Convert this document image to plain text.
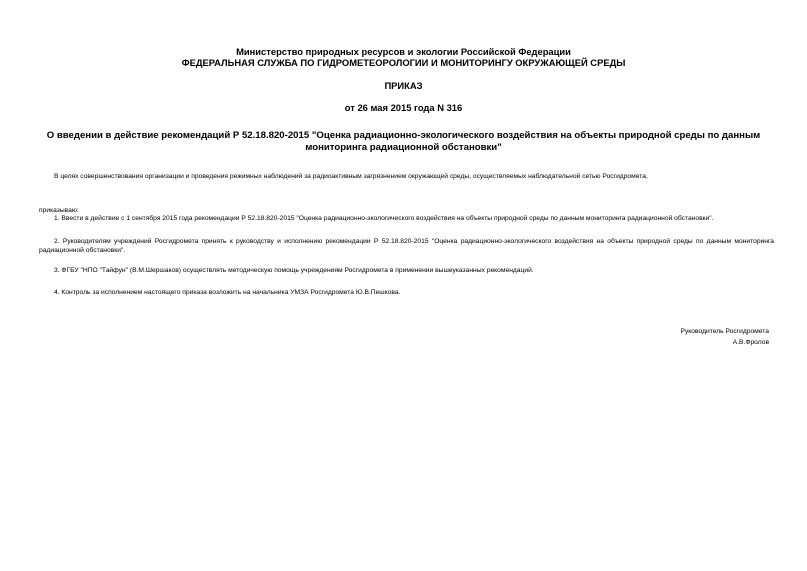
Министерство природных ресурсов и экологии Российской Федерации
ФЕДЕРАЛЬНАЯ СЛУЖБА ПО ГИДРОМЕТЕОРОЛОГИИ И МОНИТОРИНГУ ОКРУЖАЮЩЕЙ СРЕДЫ
ПРИКАЗ
от 26 мая 2015 года N 316
О введении в действие рекомендаций Р 52.18.820-2015 "Оценка радиационно-экологического воздействия на объекты природной среды по данным мониторинга радиационной обстановки"
В целях совершенствования организации и проведения режимных наблюдений за радиоактивным загрязнением окружающей среды, осуществляемых наблюдательной сетью Росгидромета,
приказываю:
1. Ввести в действие с 1 сентября 2015 года рекомендации Р 52.18.820-2015 "Оценка радиационно-экологического воздействия на объекты природной среды по данным мониторинга радиационной обстановки".
2. Руководителям учреждений Росгидромета принять к руководству и исполнению рекомендации Р 52.18.820-2015 "Оценка радиационно-экологического воздействия на объекты природной среды по данным мониторинга радиационной обстановки".
3. ФГБУ "НПО "Тайфун" (В.М.Шершаков) осуществлять методическую помощь учреждениям Росгидромета в применении вышеуказанных рекомендаций.
4. Контроль за исполнением настоящего приказа возложить на начальника УМЗА Росгидромета Ю.В.Пешкова.
Руководитель Росгидромета
А.В.Фролов
